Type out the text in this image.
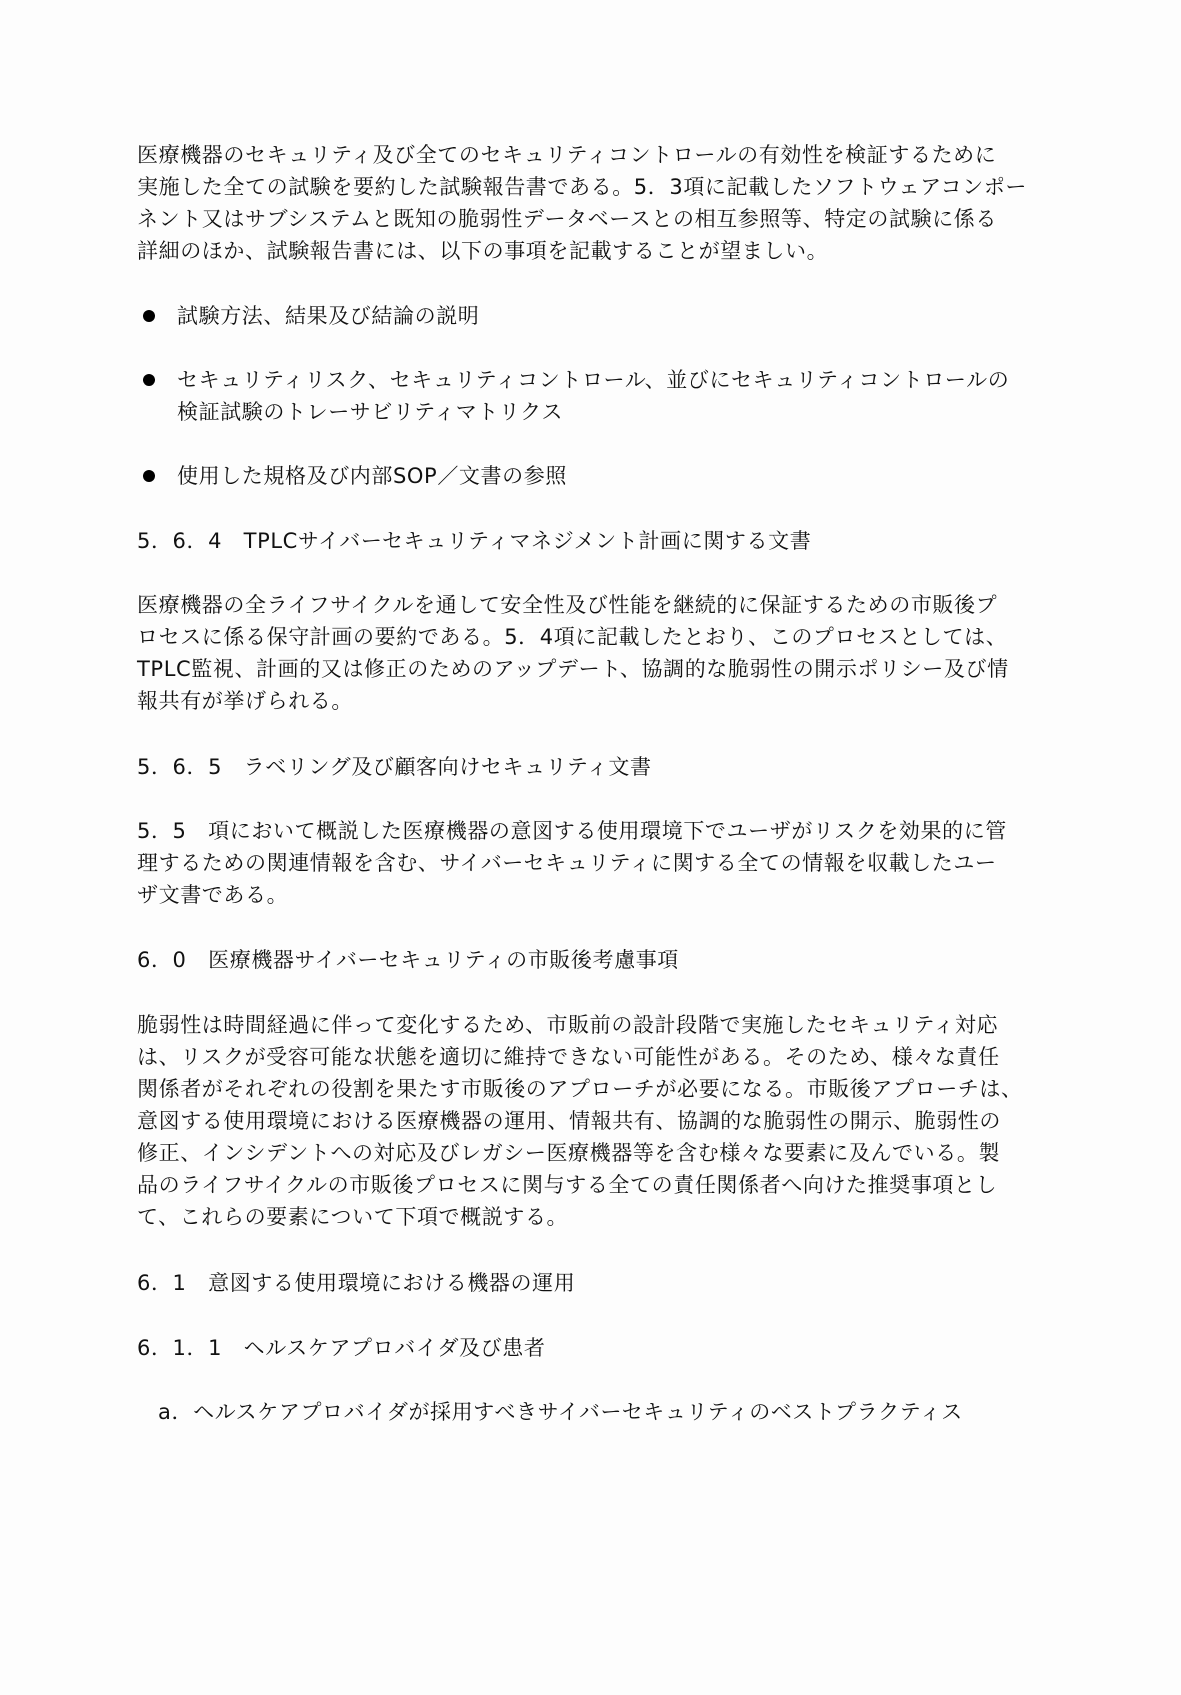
医療機器のセキュリティ及び全てのセキュリティコントロールの有効性を検証するために
実施した全ての試験を要約した試験報告書である。5．3項に記載したソフトウェアコンポー
ネント又はサブシステムと既知の脆弱性データベースとの相互参照等、特定の試験に係る
詳細のほか、試験報告書には、以下の事項を記載することが望ましい。
試験方法、結果及び結論の説明
セキュリティリスク、セキュリティコントロール、並びにセキュリティコントロールの
検証試験のトレーサビリティマトリクス
使用した規格及び内部SOP／文書の参照
5．6．4　TPLCサイバーセキュリティマネジメント計画に関する文書
医療機器の全ライフサイクルを通して安全性及び性能を継続的に保証するための市販後プ
ロセスに係る保守計画の要約である。5．4項に記載したとおり、このプロセスとしては、
TPLC監視、計画的又は修正のためのアップデート、協調的な脆弱性の開示ポリシー及び情
報共有が挙げられる。
5．6．5　ラベリング及び顧客向けセキュリティ文書
5．5　項において概説した医療機器の意図する使用環境下でユーザがリスクを効果的に管
理するための関連情報を含む、サイバーセキュリティに関する全ての情報を収載したユー
ザ文書である。
6．0　医療機器サイバーセキュリティの市販後考慮事項
脆弱性は時間経過に伴って変化するため、市販前の設計段階で実施したセキュリティ対応
は、リスクが受容可能な状態を適切に維持できない可能性がある。そのため、様々な責任
関係者がそれぞれの役割を果たす市販後のアプローチが必要になる。市販後アプローチは、
意図する使用環境における医療機器の運用、情報共有、協調的な脆弱性の開示、脆弱性の
修正、インシデントへの対応及びレガシー医療機器等を含む様々な要素に及んでいる。製
品のライフサイクルの市販後プロセスに関与する全ての責任関係者へ向けた推奨事項とし
て、これらの要素について下項で概説する。
6．1　意図する使用環境における機器の運用
6．1．1　ヘルスケアプロバイダ及び患者
a．ヘルスケアプロバイダが採用すべきサイバーセキュリティのベストプラクティス
